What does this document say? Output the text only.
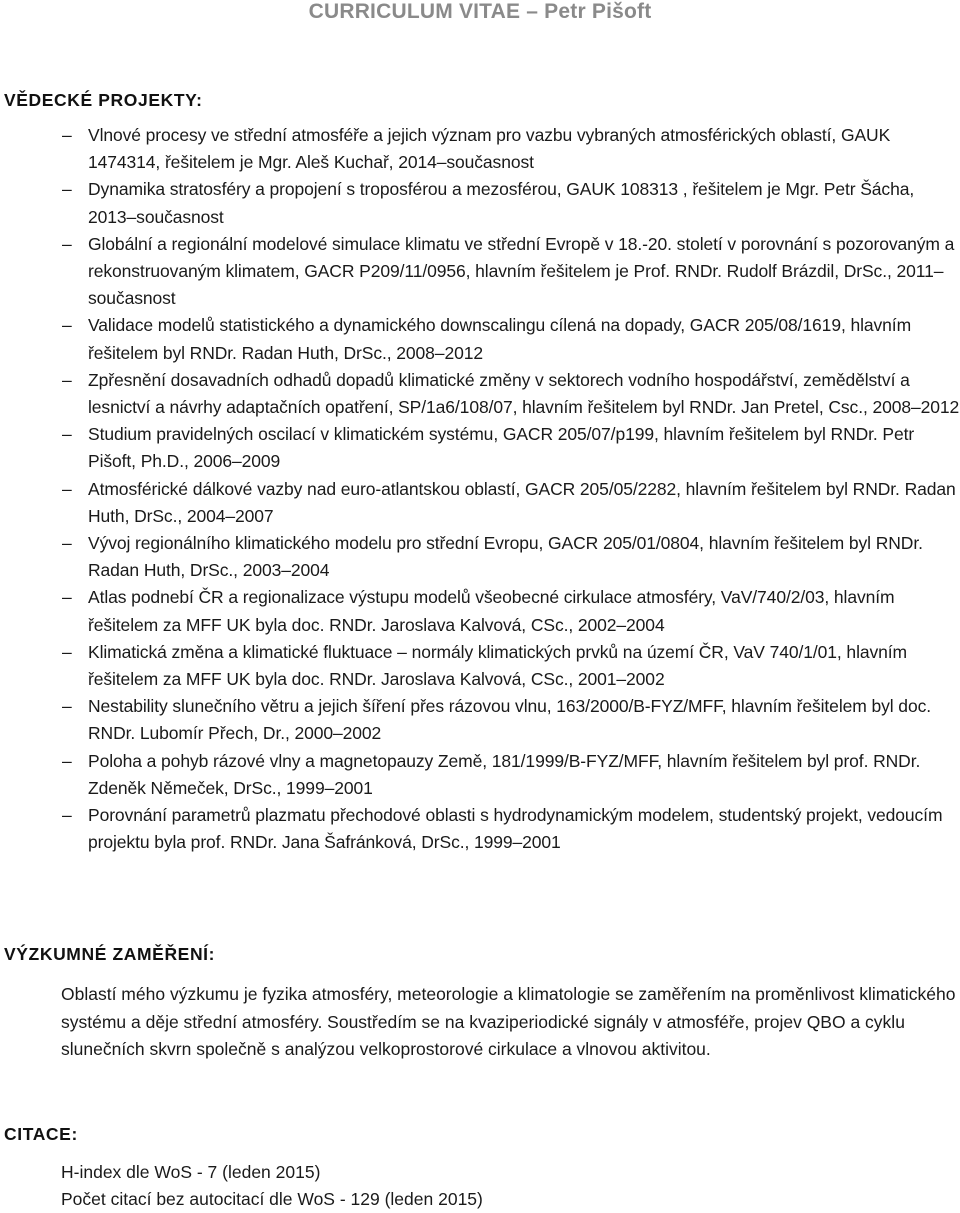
CURRICULUM VITAE – Petr Pišoft
VĚDECKÉ PROJEKTY:
– Vlnové procesy ve střední atmosféře a jejich význam pro vazbu vybraných atmosférických oblastí, GAUK 1474314, řešitelem je Mgr. Aleš Kuchař, 2014–současnost
– Dynamika stratosféry a propojení s troposférou a mezosférou, GAUK 108313 , řešitelem je Mgr. Petr Šácha, 2013–současnost
– Globální a regionální modelové simulace klimatu ve střední Evropě v 18.-20. století v porovnání s pozorovaným a rekonstruovaným klimatem, GACR P209/11/0956, hlavním řešitelem je Prof. RNDr. Rudolf Brázdil, DrSc., 2011–současnost
– Validace modelů statistického a dynamického downscalingu cílená na dopady, GACR 205/08/1619, hlavním řešitelem byl RNDr. Radan Huth, DrSc., 2008–2012
– Zpřesnění dosavadních odhadů dopadů klimatické změny v sektorech vodního hospodářství, zemědělství a lesnictví a návrhy adaptačních opatření, SP/1a6/108/07, hlavním řešitelem byl RNDr. Jan Pretel, Csc., 2008–2012
– Studium pravidelných oscilací v klimatickém systému, GACR 205/07/p199, hlavním řešitelem byl RNDr. Petr Pišoft, Ph.D., 2006–2009
– Atmosférické dálkové vazby nad euro-atlantskou oblastí, GACR 205/05/2282, hlavním řešitelem byl RNDr. Radan Huth, DrSc., 2004–2007
– Vývoj regionálního klimatického modelu pro střední Evropu, GACR 205/01/0804, hlavním řešitelem byl RNDr. Radan Huth, DrSc., 2003–2004
– Atlas podnebí ČR a regionalizace výstupu modelů všeobecné cirkulace atmosféry, VaV/740/2/03, hlavním řešitelem za MFF UK byla doc. RNDr. Jaroslava Kalvová, CSc., 2002–2004
– Klimatická změna a klimatické fluktuace – normály klimatických prvků na území ČR, VaV 740/1/01, hlavním řešitelem za MFF UK byla doc. RNDr. Jaroslava Kalvová, CSc., 2001–2002
– Nestability slunečního větru a jejich šíření přes rázovou vlnu, 163/2000/B-FYZ/MFF, hlavním řešitelem byl doc. RNDr. Lubomír Přech, Dr., 2000–2002
– Poloha a pohyb rázové vlny a magnetopauzy Země, 181/1999/B-FYZ/MFF, hlavním řešitelem byl prof. RNDr. Zdeněk Němeček, DrSc., 1999–2001
– Porovnání parametrů plazmatu přechodové oblasti s hydrodynamickým modelem, studentský projekt, vedoucím projektu byla prof. RNDr. Jana Šafránková, DrSc., 1999–2001
VÝZKUMNÉ ZAMĚŘENÍ:
Oblastí mého výzkumu je fyzika atmosféry, meteorologie a klimatologie se zaměřením na proměnlivost klimatického systému a děje střední atmosféry. Soustředím se na kvaziperiodické signály v atmosféře, projev QBO a cyklu slunečních skvrn společně s analýzou velkoprostorové cirkulace a vlnovou aktivitou.
CITACE:
H-index dle WoS - 7 (leden 2015)
Počet citací bez autocitací dle WoS - 129 (leden 2015)
